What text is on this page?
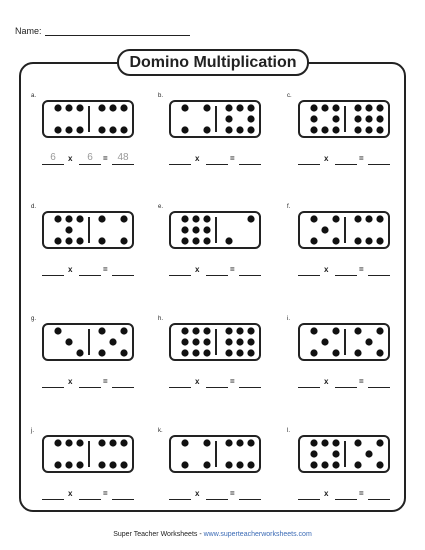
Name:
Domino Multiplication
a.
6	6	48
x	=
b.
x	=
c.
x	=
d.
x	=
e.
x	=
f.
x	=
g.
x	=
h.
x	=
i.
x	=
j.
x	=
k.
x	=
l.
x	=
Super Teacher Worksheets - www.superteacherworksheets.com
